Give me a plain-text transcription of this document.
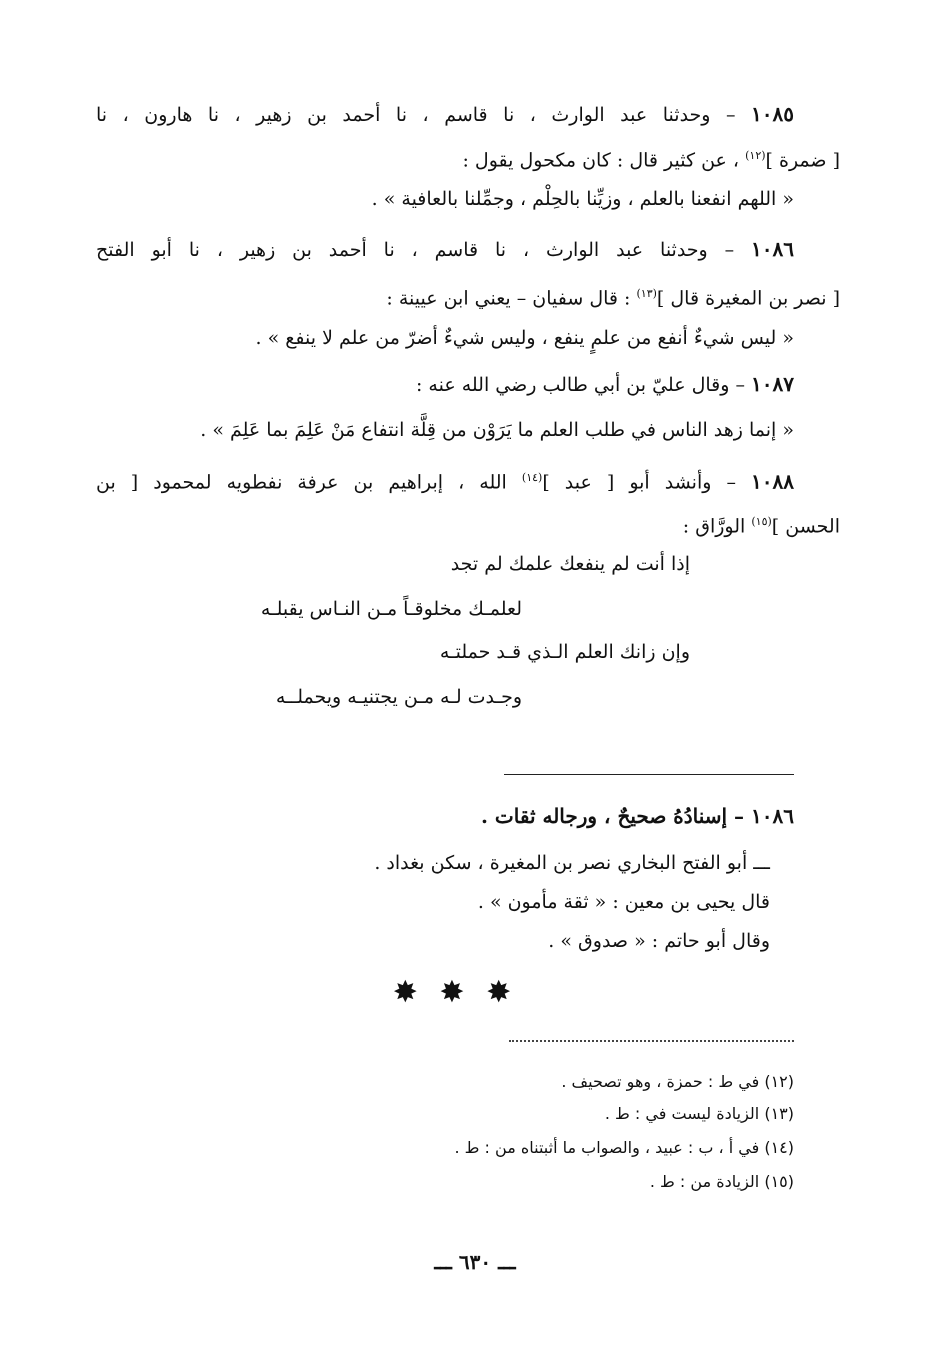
١٠٨٥ – وحدثنا عبد الوارث ، نا قاسم ، نا أحمد بن زهير ، نا هارون ، نا
[ ضمرة ]$^{(١٢)}$ ، عن كثير قال : كان مكحول يقول :
« اللهم انفعنا بالعلم ، وزيِّنا بالحِلْم ، وجمِّلنا بالعافية » .
١٠٨٦ – وحدثنا عبد الوارث ، نا قاسم ، نا أحمد بن زهير ، نا أبو الفتح
[ نصر بن المغيرة قال ]$^{(١٣)}$ : قال سفيان – يعني ابن عيينة :
« ليس شيءٌ أنفع من علمٍ ينفع ، وليس شيءٌ أضرّ من علم لا ينفع » .
١٠٨٧ – وقال عليّ بن أبي طالب رضي الله عنه :
« إنما زهد الناس في طلب العلم ما يَرَوْن من قِلَّة انتفاع مَنْ عَلِمَ بما عَلِمَ » .
١٠٨٨ – وأنشد أبو [ عبد ]$^{(١٤)}$ الله ، إبراهيم بن عرفة نفطويه لمحمود [ بن
الحسن ]$^{(١٥)}$ الورَّاق :
إذا أنت لم ينفعك علمك لم تجد
لعلمـك مخلوقـاً مـن النـاس يقبلـه
وإن زانك العلم الـذي قـد حملتـه
وجـدت لـه مـن يجتنيـه ويحملــه
١٠٨٦ – إسنادُهُ صحيحٌ ، ورجاله ثقات .
ـــ أبو الفتح البخاري نصر بن المغيرة ، سكن بغداد .
قال يحيى بن معين : « ثقة مأمون » .
وقال أبو حاتم : « صدوق » .
✸ ✸ ✸
(١٢) في ط : حمزة ، وهو تصحيف .
(١٣) الزيادة ليست في : ط .
(١٤) في أ ، ب : عبيد ، والصواب ما أثبتناه من : ط .
(١٥) الزيادة من : ط .
ـــ ٦٣٠ ـــ
